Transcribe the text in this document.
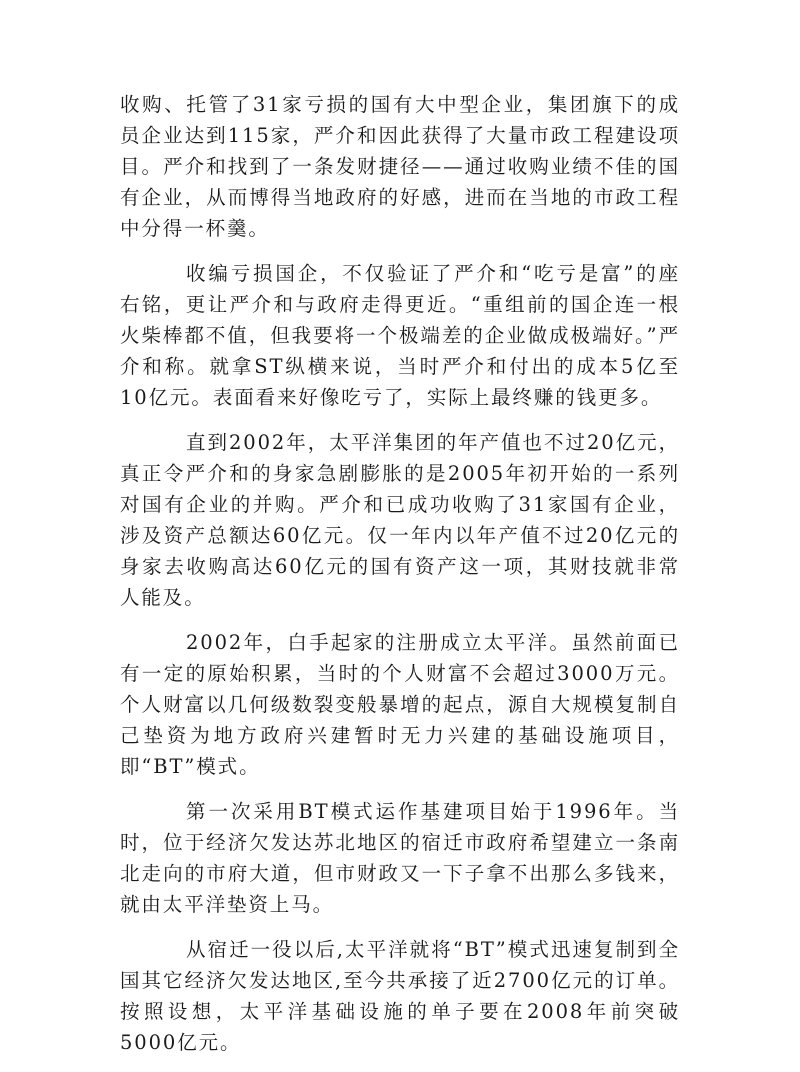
收购、托管了31家亏损的国有大中型企业，集团旗下的成员企业达到115家，严介和因此获得了大量市政工程建设项目。严介和找到了一条发财捷径——通过收购业绩不佳的国有企业，从而博得当地政府的好感，进而在当地的市政工程中分得一杯羹。

收编亏损国企，不仅验证了严介和“吃亏是富”的座右铭，更让严介和与政府走得更近。“重组前的国企连一根火柴棒都不值，但我要将一个极端差的企业做成极端好。”严介和称。就拿ST纵横来说，当时严介和付出的成本5亿至10亿元。表面看来好像吃亏了，实际上最终赚的钱更多。

直到2002年，太平洋集团的年产值也不过20亿元，真正令严介和的身家急剧膨胀的是2005年初开始的一系列对国有企业的并购。严介和已成功收购了31家国有企业，涉及资产总额达60亿元。仅一年内以年产值不过20亿元的身家去收购高达60亿元的国有资产这一项，其财技就非常人能及。

2002年，白手起家的注册成立太平洋。虽然前面已有一定的原始积累，当时的个人财富不会超过3000万元。个人财富以几何级数裂变般暴增的起点，源自大规模复制自己垫资为地方政府兴建暂时无力兴建的基础设施项目，即“BT”模式。

第一次采用BT模式运作基建项目始于1996年。当时，位于经济欠发达苏北地区的宿迁市政府希望建立一条南北走向的市府大道，但市财政又一下子拿不出那么多钱来，就由太平洋垫资上马。

从宿迁一役以后,太平洋就将“BT”模式迅速复制到全国其它经济欠发达地区,至今共承接了近2700亿元的订单。按照设想，太平洋基础设施的单子要在2008年前突破5000亿元。
